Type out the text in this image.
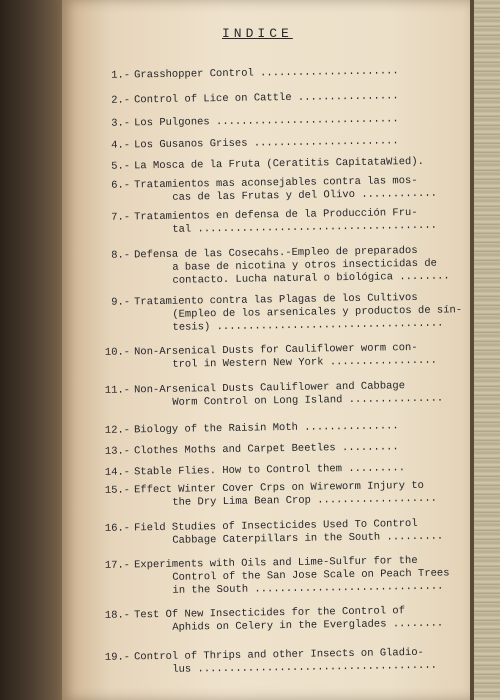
INDICE
1.- Grasshopper Control ......................
2.- Control of Lice on Cattle ................
3.- Los Pulgones .............................
4.- Los Gusanos Grises .......................
5.- La Mosca de la Fruta (Ceratitis CapitataWied).
6.- Tratamientos mas aconsejables contra las mos-
cas de las Frutas y del Olivo ............
7.- Tratamientos en defensa de la Producción Fru-
tal ......................................
8.- Defensa de las Cosecahs.-Empleo de preparados
a base de nicotina y otros insecticidas de
contacto. Lucha natural o biológica ........
9.- Tratamiento contra las Plagas de los Cultivos
(Empleo de los arsenicales y productos de sín-
tesis) ....................................
10.- Non-Arsenical Dusts for Cauliflower worm con-
trol in Western New York .................
11.- Non-Arsenical Dusts Cauliflower and Cabbage
Worm Control on Long Island ...............
12.- Biology of the Raisin Moth ...............
13.- Clothes Moths and Carpet Beetles .........
14.- Stable Flies. How to Control them .........
15.- Effect Winter Cover Crps on Wireworm Injury to
the Dry Lima Bean Crop ...................
16.- Field Studies of Insecticides Used To Control
Cabbage Caterpillars in the South .........
17.- Experiments with Oils and Lime-Sulfur for the
Control of the San Jose Scale on Peach Trees
in the South ..............................
18.- Test Of New Insecticides for the Control of
Aphids on Celery in the Everglades ........
19.- Control of Thrips and other Insects on Gladio-
lus ......................................
